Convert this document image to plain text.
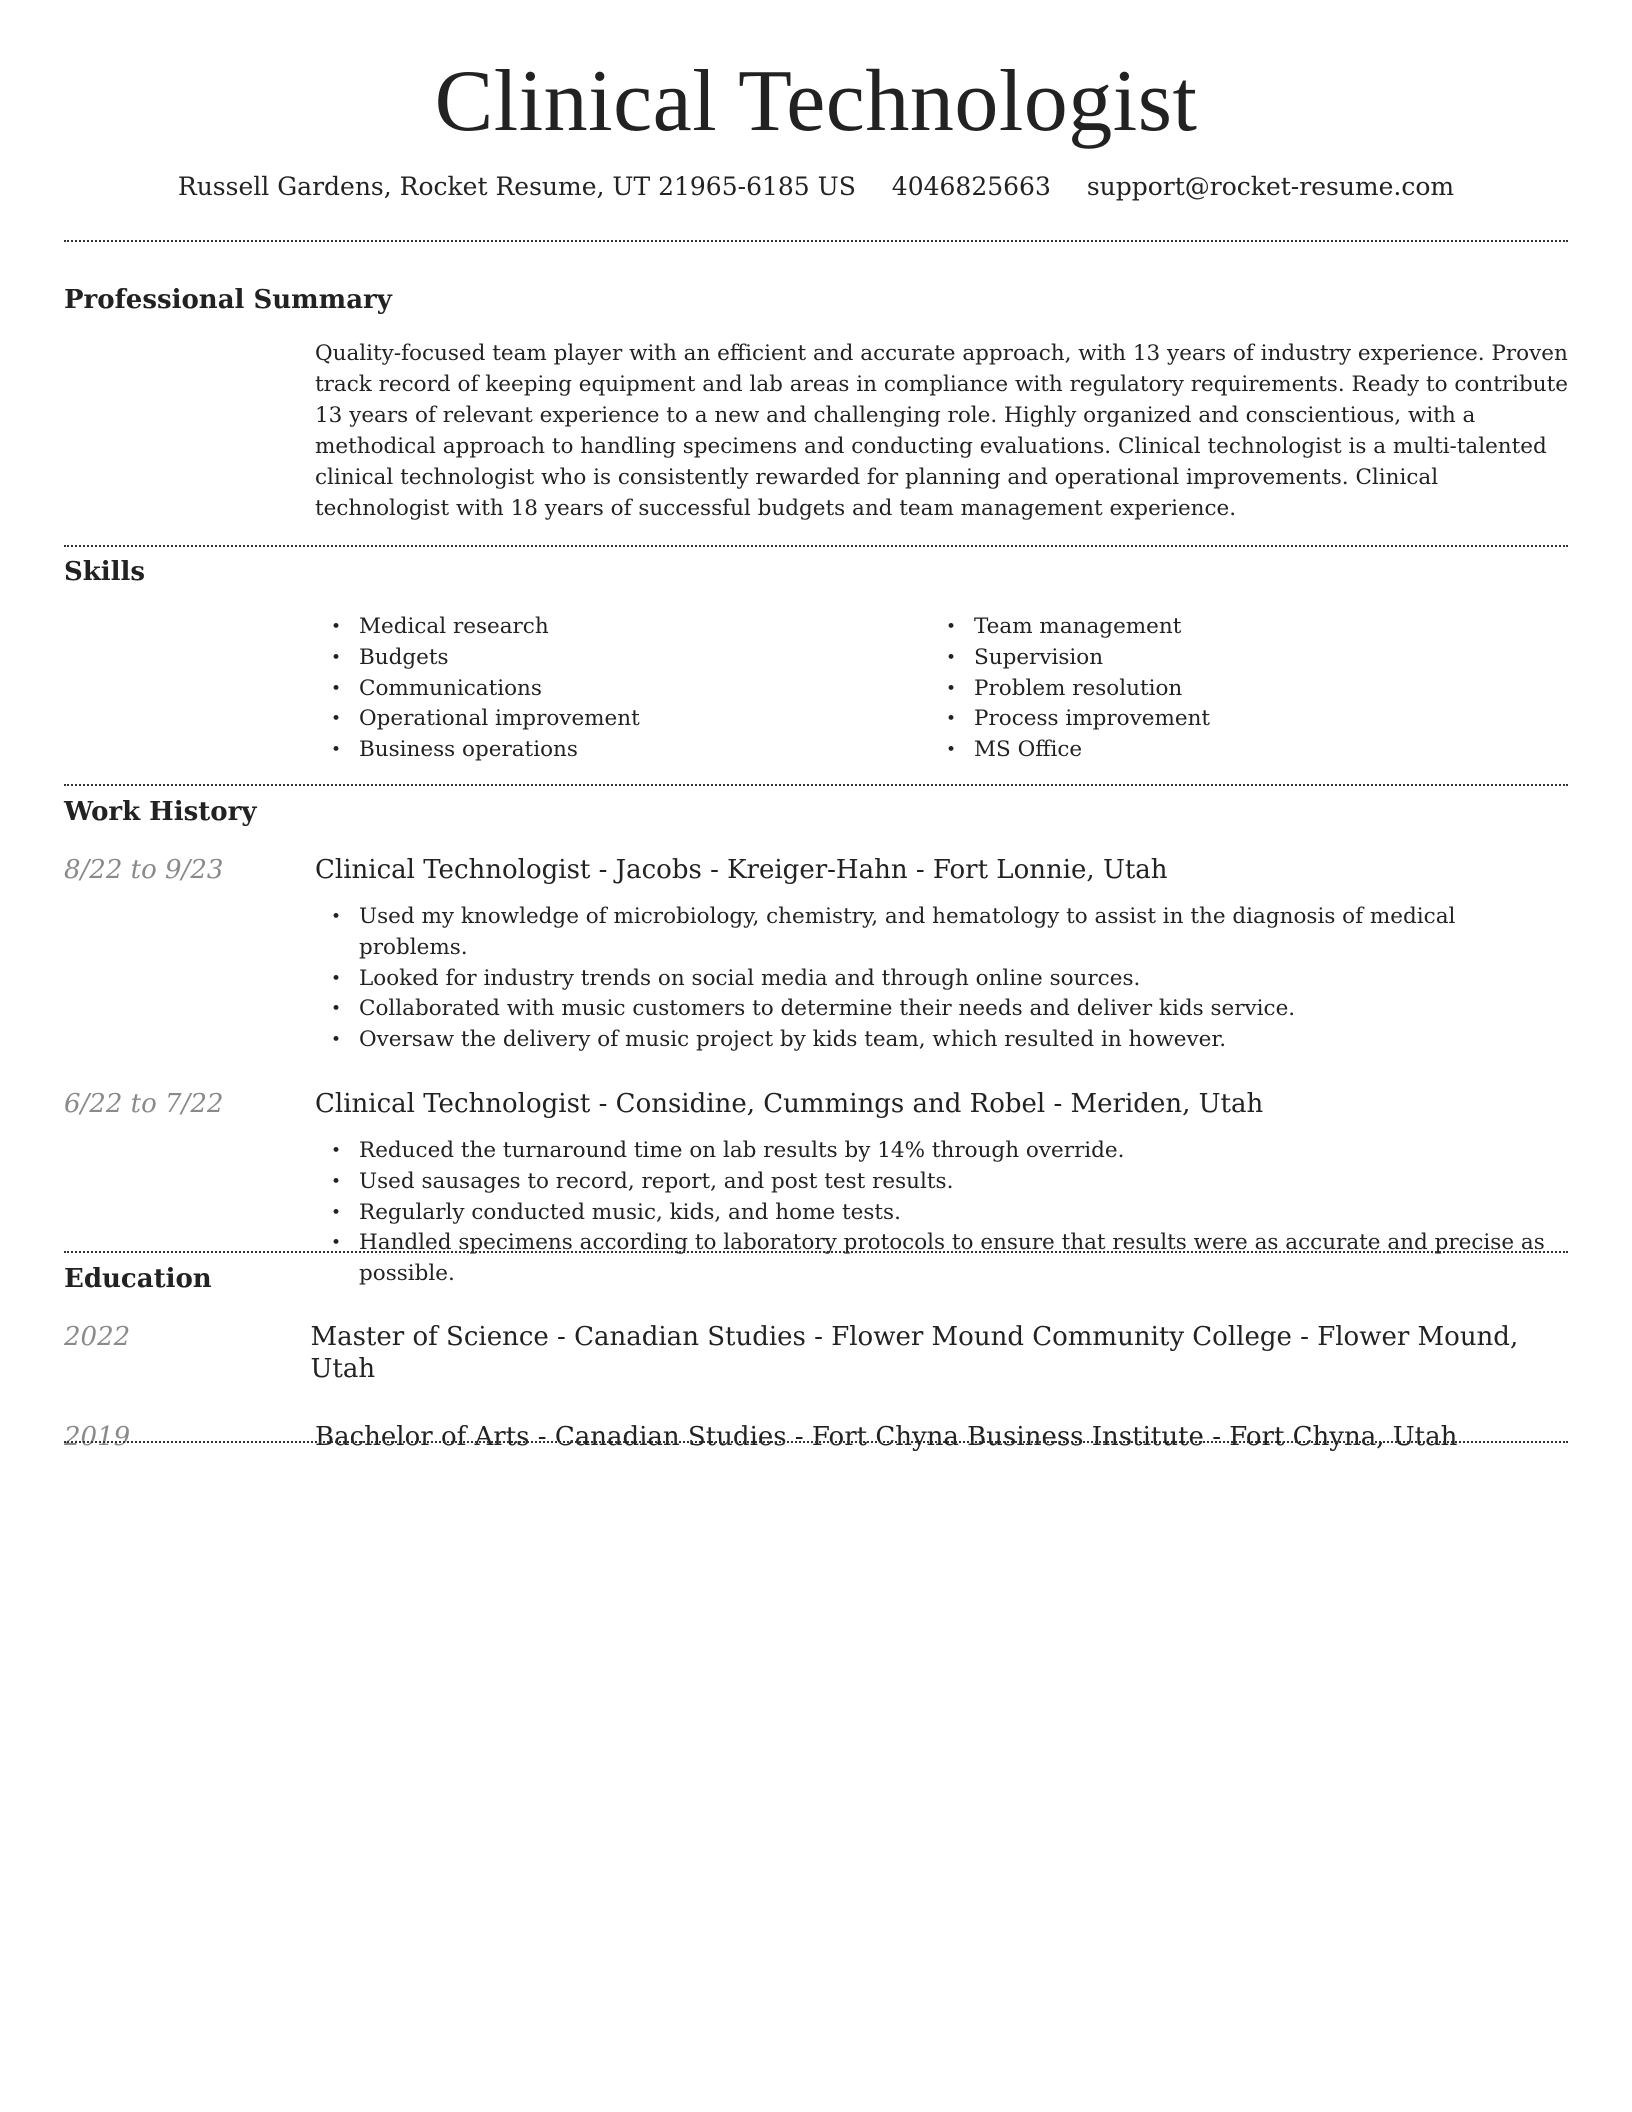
Clinical Technologist
Russell Gardens, Rocket Resume, UT 21965-6185 US 4046825663 support@rocket-resume.com
Professional Summary

Quality-focused team player with an efficient and accurate approach, with 13 years of industry experience. Proven track record of keeping equipment and lab areas in compliance with regulatory requirements. Ready to contribute 13 years of relevant experience to a new and challenging role. Highly organized and conscientious, with a methodical approach to handling specimens and conducting evaluations. Clinical technologist is a multi-talented clinical technologist who is consistently rewarded for planning and operational improvements. Clinical technologist with 18 years of successful budgets and team management experience.

Skills
• Medical research
• Budgets
• Communications
• Operational improvement
• Business operations
• Team management
• Supervision
• Problem resolution
• Process improvement
• MS Office
Work History
8/22 to 9/23	Clinical Technologist - Jacobs - Kreiger-Hahn - Fort Lonnie, Utah
• Used my knowledge of microbiology, chemistry, and hematology to assist in the diagnosis of medical problems.
• Looked for industry trends on social media and through online sources.
• Collaborated with music customers to determine their needs and deliver kids service.
• Oversaw the delivery of music project by kids team, which resulted in however.
6/22 to 7/22	Clinical Technologist - Considine, Cummings and Robel - Meriden, Utah
• Reduced the turnaround time on lab results by 14% through override.
• Used sausages to record, report, and post test results.
• Regularly conducted music, kids, and home tests.
• Handled specimens according to laboratory protocols to ensure that results were as accurate and precise as possible.
Education
2022	Master of Science - Canadian Studies - Flower Mound Community College - Flower Mound, Utah
2019	Bachelor of Arts - Canadian Studies - Fort Chyna Business Institute - Fort Chyna, Utah
